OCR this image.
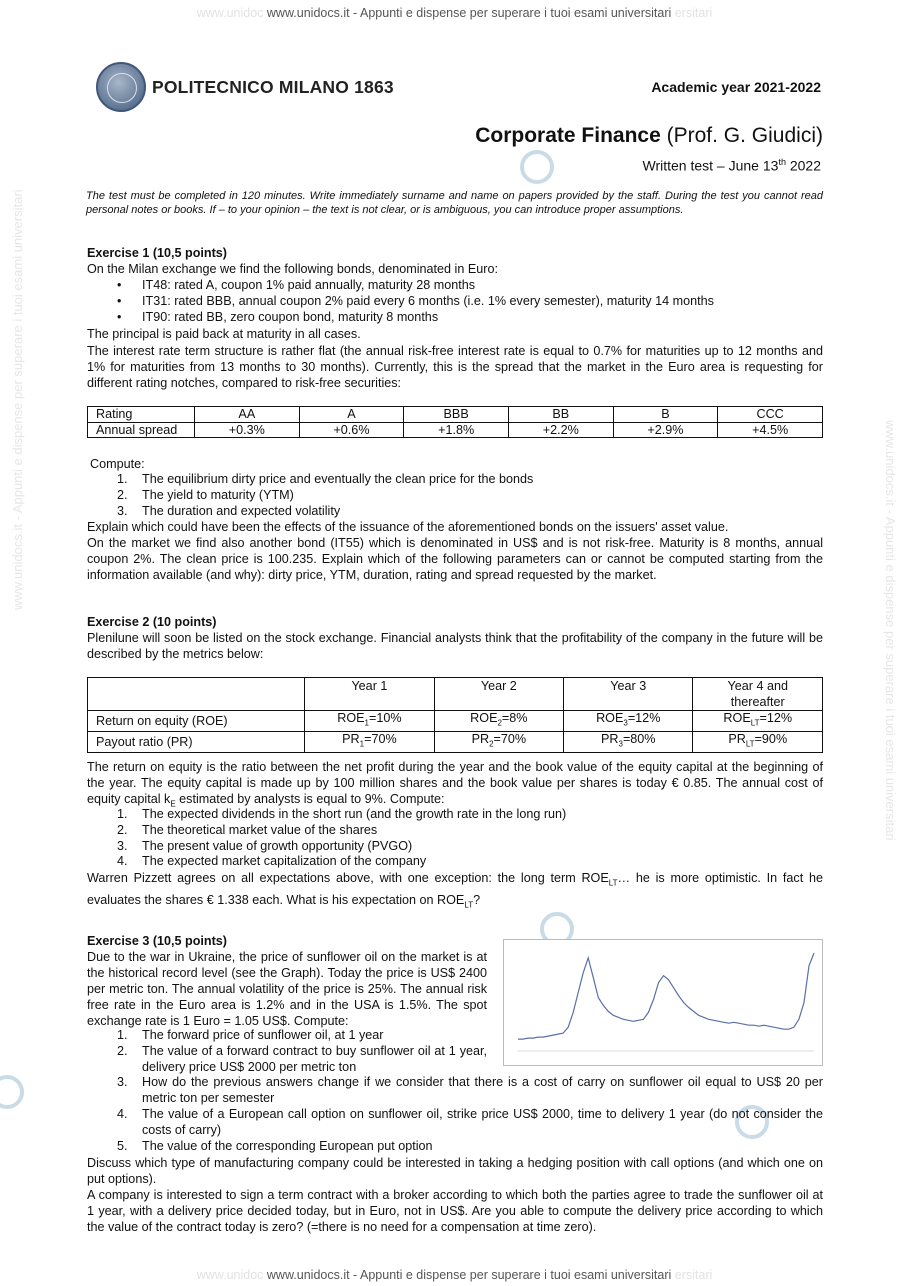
www.unidoc www.unidocs.it - Appunti e dispense per superare i tuoi esami universitari ersitari
www.unidocs.it - Appunti e dispense per superare i tuoi esami universitari
www.unidocs.it - Appunti e dispense per superare i tuoi esami universitari
POLITECNICO MILANO 1863	Academic year 2021-2022
Corporate Finance (Prof. G. Giudici)
Written test – June 13th 2022
The test must be completed in 120 minutes. Write immediately surname and name on papers provided by the staff. During the test you cannot read personal notes or books. If – to your opinion – the text is not clear, or is ambiguous, you can introduce proper assumptions.
Exercise 1 (10,5 points)
On the Milan exchange we find the following bonds, denominated in Euro:
• IT48: rated A, coupon 1% paid annually, maturity 28 months
• IT31: rated BBB, annual coupon 2% paid every 6 months (i.e. 1% every semester), maturity 14 months
• IT90: rated BB, zero coupon bond, maturity 8 months
The principal is paid back at maturity in all cases.
The interest rate term structure is rather flat (the annual risk-free interest rate is equal to 0.7% for maturities up to 12 months and 1% for maturities from 13 months to 30 months). Currently, this is the spread that the market in the Euro area is requesting for different rating notches, compared to risk-free securities:
Rating	AA	A	BBB	BB	B	CCC
Annual spread	+0.3%	+0.6%	+1.8%	+2.2%	+2.9%	+4.5%
Compute:
1. The equilibrium dirty price and eventually the clean price for the bonds
2. The yield to maturity (YTM)
3. The duration and expected volatility
Explain which could have been the effects of the issuance of the aforementioned bonds on the issuers' asset value.
On the market we find also another bond (IT55) which is denominated in US$ and is not risk-free. Maturity is 8 months, annual coupon 2%. The clean price is 100.235. Explain which of the following parameters can or cannot be computed starting from the information available (and why): dirty price, YTM, duration, rating and spread requested by the market.
Exercise 2 (10 points)
Plenilune will soon be listed on the stock exchange. Financial analysts think that the profitability of the company in the future will be described by the metrics below:
	Year 1	Year 2	Year 3	Year 4 and thereafter
Return on equity (ROE)	$ROE_1=10\%$	$ROE_2=8\%$	$ROE_3=12\%$	$ROE_{LT}=12\%$
Payout ratio (PR)	$PR_1=70\%$	$PR_2=70\%$	$PR_3=80\%$	$PR_{LT}=90\%$
The return on equity is the ratio between the net profit during the year and the book value of the equity capital at the beginning of the year. The equity capital is made up by 100 million shares and the book value per shares is today € 0.85. The annual cost of equity capital $k_E$ estimated by analysts is equal to 9%. Compute:
1. The expected dividends in the short run (and the growth rate in the long run)
2. The theoretical market value of the shares
3. The present value of growth opportunity (PVGO)
4. The expected market capitalization of the company
Warren Pizzett agrees on all expectations above, with one exception: the long term $ROE_{LT}\dots$ he is more optimistic. In fact he evaluates the shares € 1.338 each. What is his expectation on $ROE_{LT}$?
Exercise 3 (10,5 points)
Due to the war in Ukraine, the price of sunflower oil on the market is at the historical record level (see the Graph). Today the price is US$ 2400 per metric ton. The annual volatility of the price is 25%. The annual risk free rate in the Euro area is 1.2% and in the USA is 1.5%. The spot exchange rate is 1 Euro = 1.05 US$. Compute:
1. The forward price of sunflower oil, at 1 year
2. The value of a forward contract to buy sunflower oil at 1 year, delivery price US$ 2000 per metric ton
3. How do the previous answers change if we consider that there is a cost of carry on sunflower oil equal to US$ 20 per metric ton per semester
4. The value of a European call option on sunflower oil, strike price US$ 2000, time to delivery 1 year (do not consider the costs of carry)
5. The value of the corresponding European put option
Discuss which type of manufacturing company could be interested in taking a hedging position with call options (and which one on put options).
A company is interested to sign a term contract with a broker according to which both the parties agree to trade the sunflower oil at 1 year, with a delivery price decided today, but in Euro, not in US$. Are you able to compute the delivery price according to which the value of the contract today is zero? (=there is no need for a compensation at time zero).
www.unidoc www.unidocs.it - Appunti e dispense per superare i tuoi esami universitari ersitari
